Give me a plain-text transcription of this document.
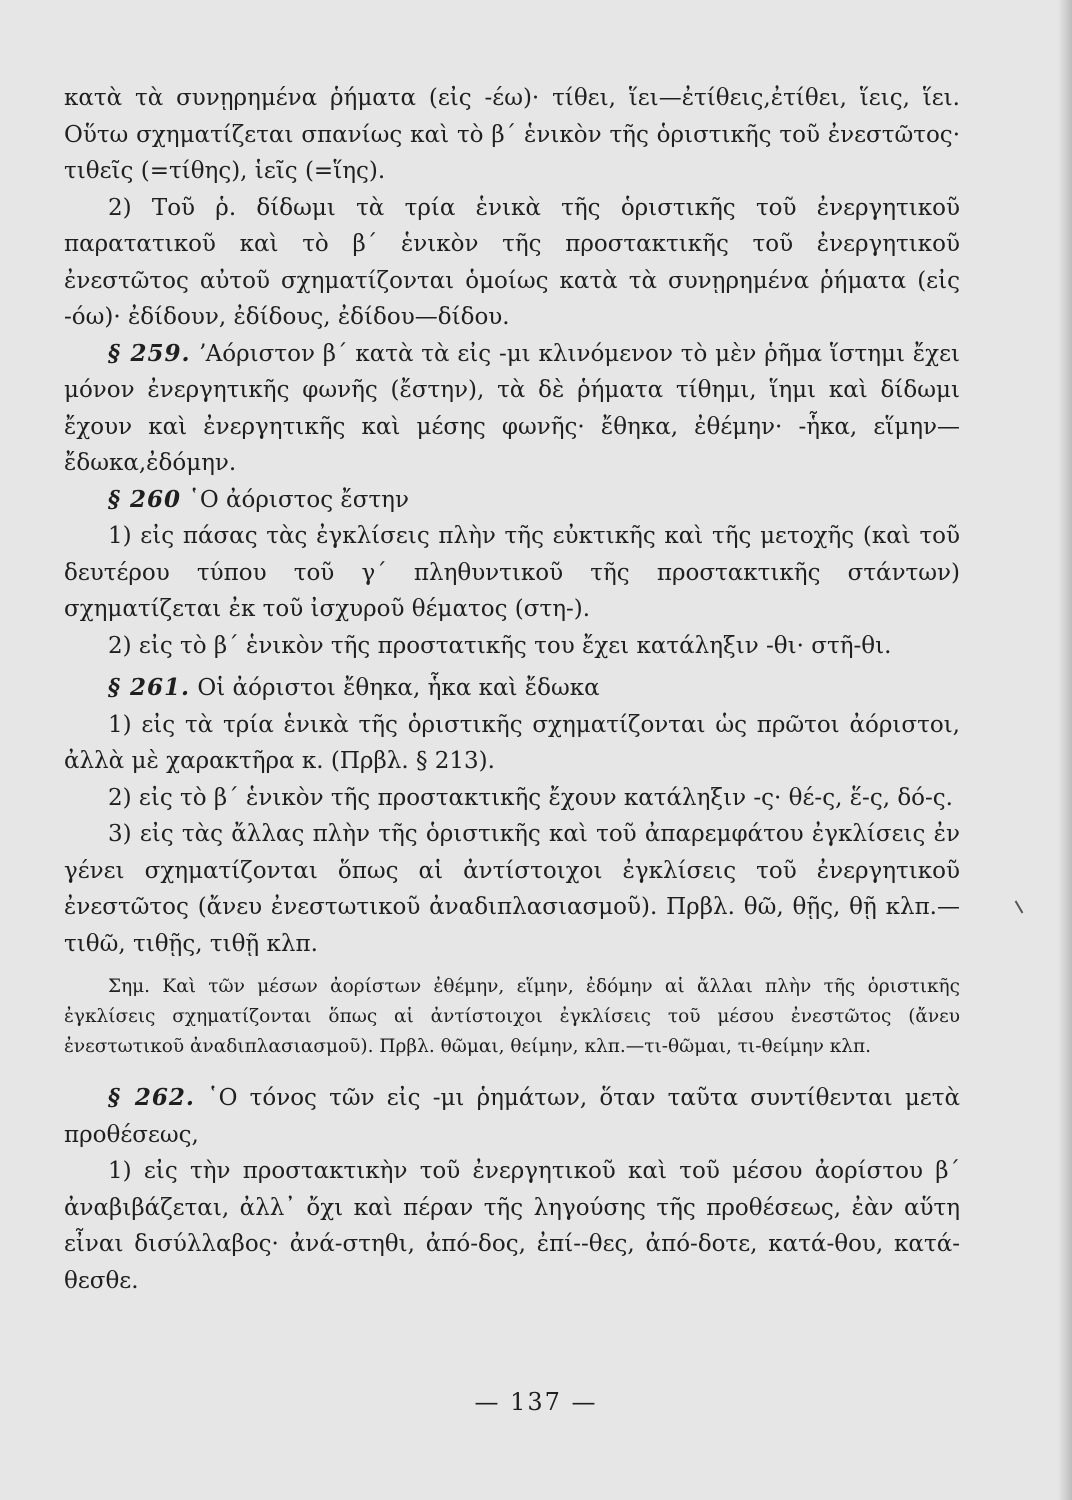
κατὰ τὰ συνῃρημένα ῥήματα (εἰς -έω)· τίθει, ἵει—ἐτίθεις,ἐτίθει, ἵεις, ἵει. Οὕτω σχηματίζεται σπανίως καὶ τὸ β΄ ἑνικὸν τῆς ὁριστικῆς τοῦ ἐνεστῶτος· τιθεῖς (=τίθης), ἱεῖς (=ἵης).

2) Τοῦ ῥ. δίδωμι τὰ τρία ἑνικὰ τῆς ὁριστικῆς τοῦ ἐνεργητικοῦ παρατατικοῦ καὶ τὸ β΄ ἑνικὸν τῆς προστακτικῆς τοῦ ἐνεργητικοῦ ἐνεστῶτος αὐτοῦ σχηματίζονται ὁμοίως κατὰ τὰ συνῃρημένα ῥήματα (εἰς -όω)· ἐδίδουν, ἐδίδους, ἐδίδου—δίδου.

§ 259. ʼΑόριστον β΄ κατὰ τὰ εἰς -μι κλινόμενον τὸ μὲν ῥῆμα ἵστημι ἔχει μόνον ἐνεργητικῆς φωνῆς (ἔστην), τὰ δὲ ῥήματα τίθημι, ἵημι καὶ δίδωμι ἔχουν καὶ ἐνεργητικῆς καὶ μέσης φωνῆς· ἔθηκα, ἐθέμην· -ἧκα, εἵμην—ἔδωκα,ἐδόμην.

§ 260 ῾Ο ἀόριστος ἔστην

1) εἰς πάσας τὰς ἐγκλίσεις πλὴν τῆς εὐκτικῆς καὶ τῆς μετοχῆς (καὶ τοῦ δευτέρου τύπου τοῦ γ΄ πληθυντικοῦ τῆς προστακτικῆς στάντων) σχηματίζεται ἐκ τοῦ ἰσχυροῦ θέματος (στη-).

2) εἰς τὸ β΄ ἑνικὸν τῆς προστατικῆς του ἔχει κατάληξιν -θι· στῆ-θι.

§ 261. Οἱ ἀόριστοι ἔθηκα, ἧκα καὶ ἔδωκα

1) εἰς τὰ τρία ἑνικὰ τῆς ὁριστικῆς σχηματίζονται ὡς πρῶτοι ἀόριστοι, ἀλλὰ μὲ χαρακτῆρα κ. (Πρβλ. § 213).

2) εἰς τὸ β΄ ἑνικὸν τῆς προστακτικῆς ἔχουν κατάληξιν -ς· θέ-ς, ἕ-ς, δό-ς.

3) εἰς τὰς ἄλλας πλὴν τῆς ὁριστικῆς καὶ τοῦ ἀπαρεμφάτου ἐγκλίσεις ἐν γένει σχηματίζονται ὅπως αἱ ἀντίστοιχοι ἐγκλίσεις τοῦ ἐνεργητικοῦ ἐνεστῶτος (ἄνευ ἐνεστωτικοῦ ἀναδιπλασιασμοῦ). Πρβλ. θῶ, θῇς, θῇ κλπ.—τιθῶ, τιθῇς, τιθῇ κλπ.

Σημ. Καὶ τῶν μέσων ἀορίστων ἐθέμην, εἵμην, ἐδόμην αἱ ἄλλαι πλὴν τῆς ὁριστικῆς ἐγκλίσεις σχηματίζονται ὅπως αἱ ἀντίστοιχοι ἐγκλίσεις τοῦ μέσου ἐνεστῶτος (ἄνευ ἐνεστωτικοῦ ἀναδιπλασιασμοῦ). Πρβλ. θῶμαι, θείμην, κλπ.—τι-θῶμαι, τι-θείμην κλπ.

§ 262. ῾Ο τόνος τῶν εἰς -μι ῥημάτων, ὅταν ταῦτα συντίθενται μετὰ προθέσεως,

1) εἰς τὴν προστακτικὴν τοῦ ἐνεργητικοῦ καὶ τοῦ μέσου ἀορίστου β΄ ἀναβιβάζεται, ἀλλ᾿ ὄχι καὶ πέραν τῆς ληγούσης τῆς προθέσεως, ἐὰν αὕτη εἶναι δισύλλαβος· ἀνά-στηθι, ἀπό-δος, ἐπί--θες, ἀπό-δοτε, κατά-θου, κατά-θεσθε.

— 137 —
